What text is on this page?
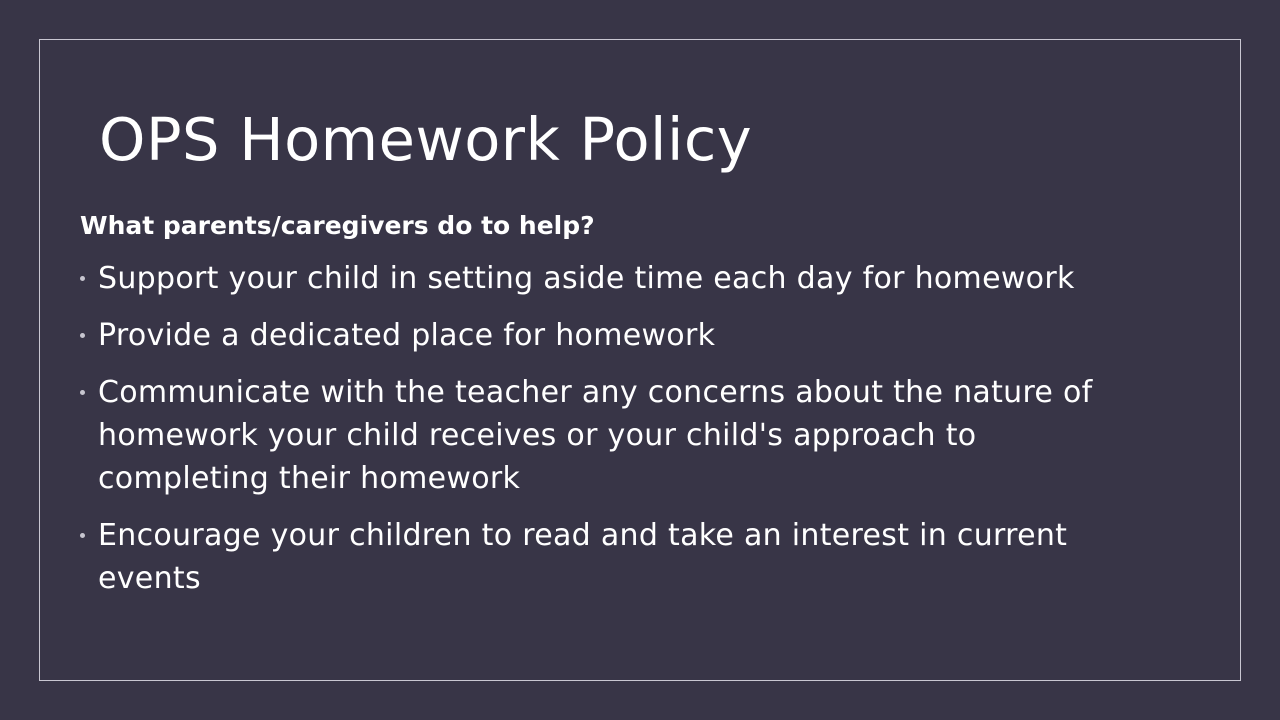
OPS Homework Policy

What parents/caregivers do to help?

Support your child in setting aside time each day for homework
Provide a dedicated place for homework
Communicate with the teacher any concerns about the nature of homework your child receives or your child's approach to completing their homework
Encourage your children to read and take an interest in current events
